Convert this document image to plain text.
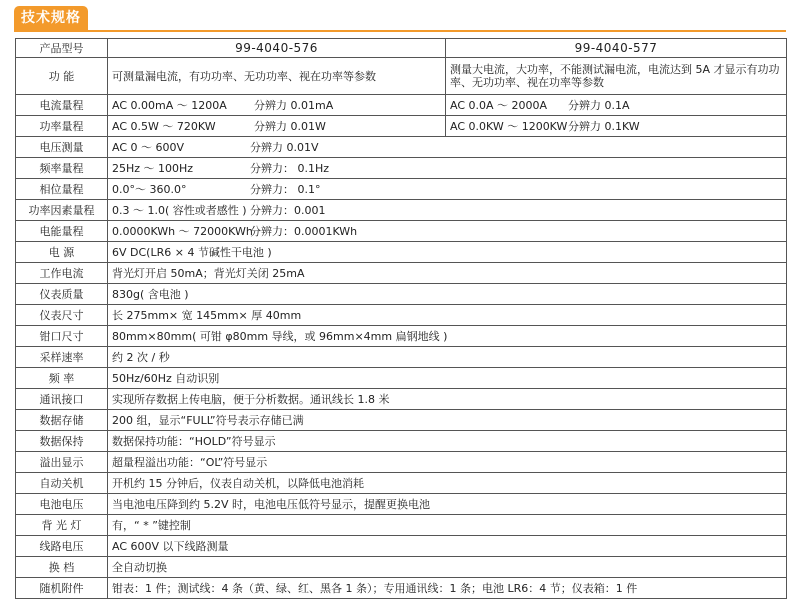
技术规格
产品型号	99-4040-576	99-4040-577
功 能	可测量漏电流，有功功率、无功功率、视在功率等参数	测量大电流，大功率，不能测试漏电流，电流达到 5A 才显示有功功率、无功功率、视在功率等参数
电流量程	AC 0.00mA ～ 1200A 分辨力 0.01mA	AC 0.0A ～ 2000A 分辨力 0.1A
功率量程	AC 0.5W ～ 720KW 分辨力 0.01W	AC 0.0KW ～ 1200KW分辨力 0.1KW
电压测量	AC 0 ～ 600V 分辨力 0.01V	
频率量程	25Hz ～ 100Hz 分辨力： 0.1Hz	
相位量程	0.0°～ 360.0° 分辨力： 0.1°	
功率因素量程	0.3 ～ 1.0( 容性或者感性 ) 分辨力：0.001	
电能量程	0.0000KWh ～ 72000KWh分辨力：0.0001KWh	
电 源	6V DC(LR6 × 4 节碱性干电池 )	
工作电流	背光灯开启 50mA；背光灯关闭 25mA	
仪表质量	830g( 含电池 )	
仪表尺寸	长 275mm× 宽 145mm× 厚 40mm	
钳口尺寸	80mm×80mm( 可钳 φ80mm 导线，或 96mm×4mm 扁钢地线 )	
采样速率	约 2 次 / 秒	
频 率	50Hz/60Hz 自动识别	
通讯接口	实现所存数据上传电脑，便于分析数据。通讯线长 1.8 米	
数据存储	200 组，显示“FULL”符号表示存储已满	
数据保持	数据保持功能：“HOLD”符号显示	
溢出显示	超量程溢出功能：“OL”符号显示	
自动关机	开机约 15 分钟后，仪表自动关机，以降低电池消耗	
电池电压	当电池电压降到约 5.2V 时，电池电压低符号显示，提醒更换电池	
背 光 灯	有，“ * ”键控制	
线路电压	AC 600V 以下线路测量	
换 档	全自动切换	
随机附件	钳表：1 件；测试线：4 条（黄、绿、红、黑各 1 条）；专用通讯线：1 条；电池 LR6：4 节；仪表箱：1 件	
